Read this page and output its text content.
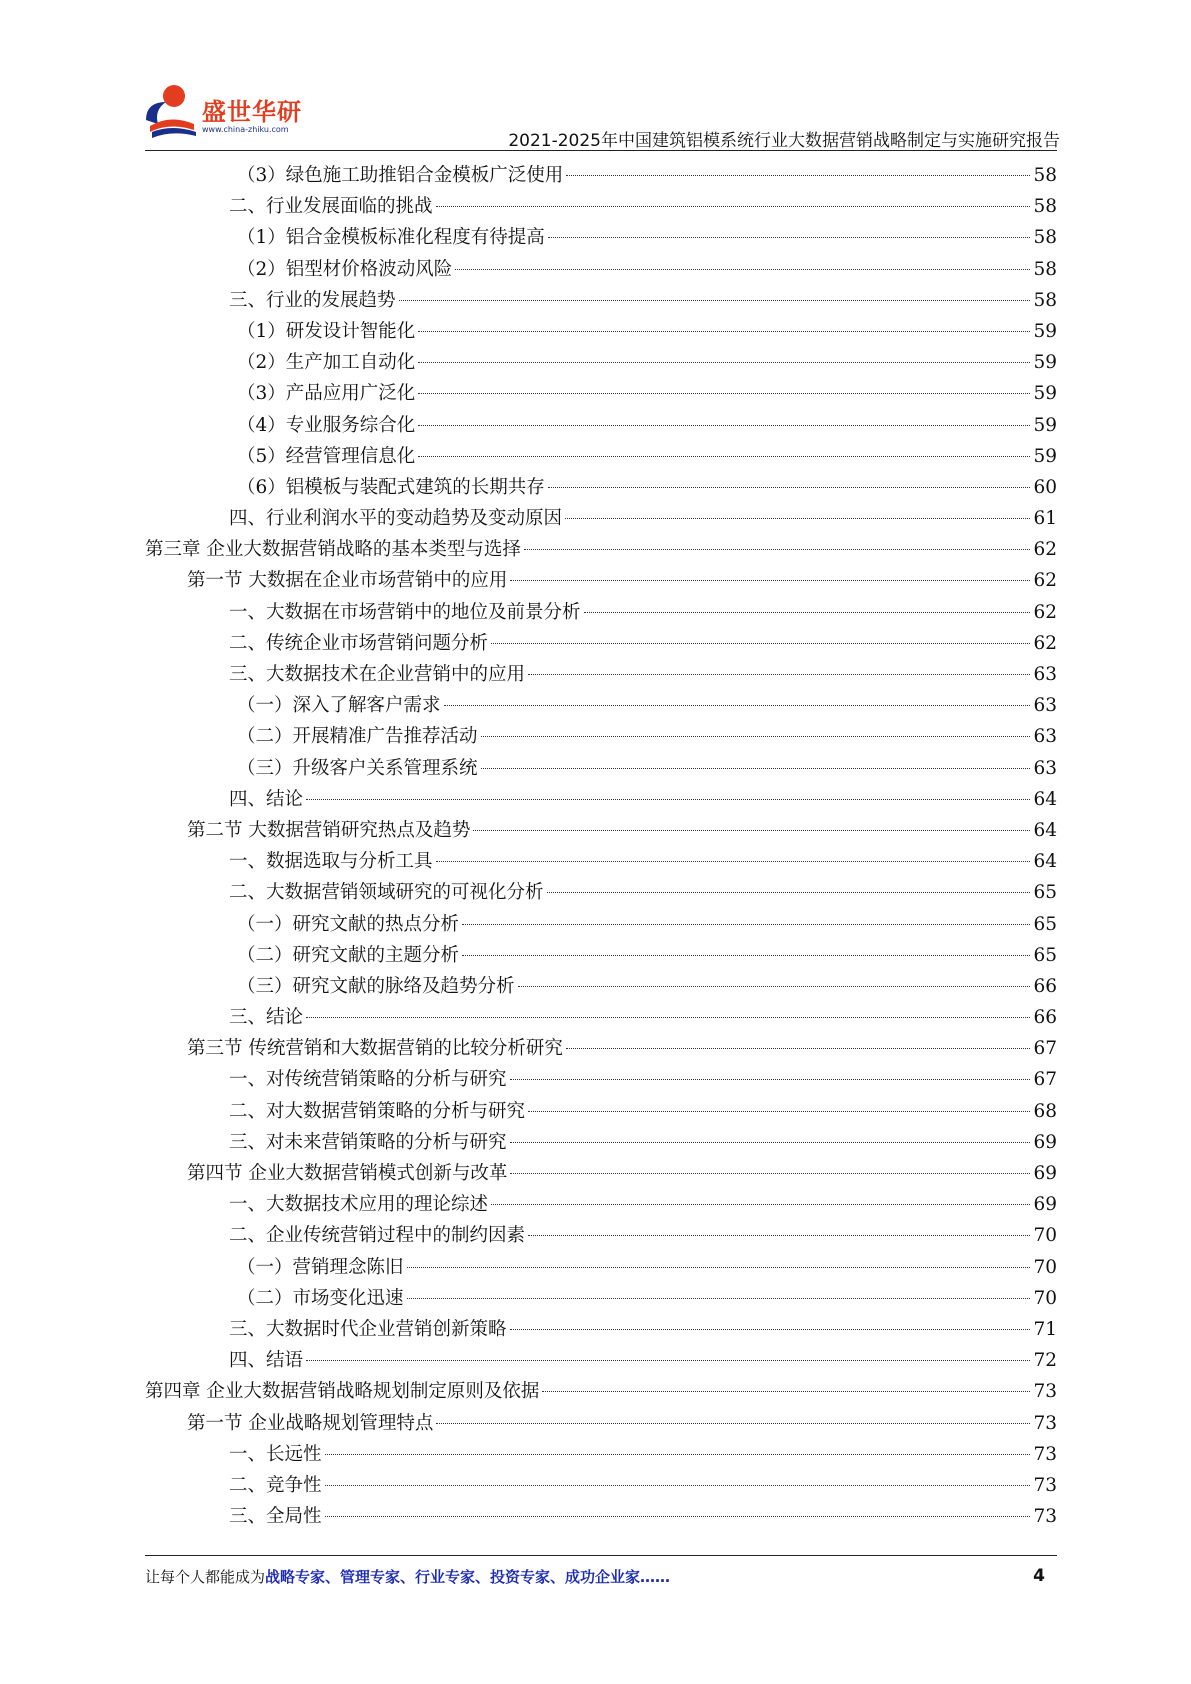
盛世华研
www.china-zhiku.com
2021-2025年中国建筑铝模系统行业大数据营销战略制定与实施研究报告
（3）绿色施工助推铝合金模板广泛使用	58
二、行业发展面临的挑战	58
（1）铝合金模板标准化程度有待提高	58
（2）铝型材价格波动风险	58
三、行业的发展趋势	58
（1）研发设计智能化	59
（2）生产加工自动化	59
（3）产品应用广泛化	59
（4）专业服务综合化	59
（5）经营管理信息化	59
（6）铝模板与装配式建筑的长期共存	60
四、行业利润水平的变动趋势及变动原因	61
第三章 企业大数据营销战略的基本类型与选择	62
第一节 大数据在企业市场营销中的应用	62
一、大数据在市场营销中的地位及前景分析	62
二、传统企业市场营销问题分析	62
三、大数据技术在企业营销中的应用	63
（一）深入了解客户需求	63
（二）开展精准广告推荐活动	63
（三）升级客户关系管理系统	63
四、结论	64
第二节 大数据营销研究热点及趋势	64
一、数据选取与分析工具	64
二、大数据营销领域研究的可视化分析	65
（一）研究文献的热点分析	65
（二）研究文献的主题分析	65
（三）研究文献的脉络及趋势分析	66
三、结论	66
第三节 传统营销和大数据营销的比较分析研究	67
一、对传统营销策略的分析与研究	67
二、对大数据营销策略的分析与研究	68
三、对未来营销策略的分析与研究	69
第四节 企业大数据营销模式创新与改革	69
一、大数据技术应用的理论综述	69
二、企业传统营销过程中的制约因素	70
（一）营销理念陈旧	70
（二）市场变化迅速	70
三、大数据时代企业营销创新策略	71
四、结语	72
第四章 企业大数据营销战略规划制定原则及依据	73
第一节 企业战略规划管理特点	73
一、长远性	73
二、竞争性	73
三、全局性	73
让每个人都能成为战略专家、管理专家、行业专家、投资专家、成功企业家……	4
